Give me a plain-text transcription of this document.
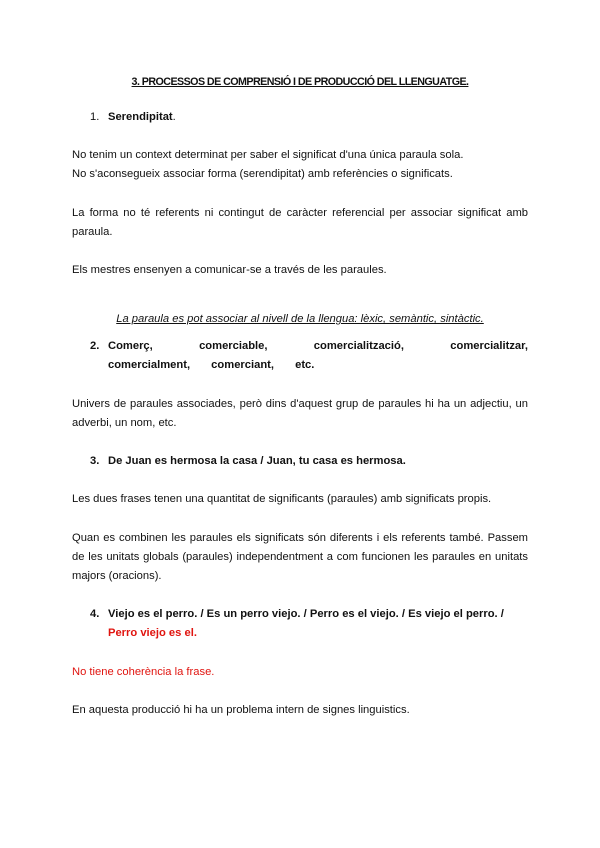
3. PROCESSOS DE COMPRENSIÓ I DE PRODUCCIÓ DEL LLENGUATGE.
1. Serendipitat.

No tenim un context determinat per saber el significat d'una única paraula sola.

No s'aconsegueix associar forma (serendipitat) amb referències o significats.

La forma no té referents ni contingut de caràcter referencial per associar significat amb paraula.

Els mestres ensenyen a comunicar-se a través de les paraules.

La paraula es pot associar al nivell de la llengua: lèxic, semàntic, sintàctic.

2. Comerç, comerciable, comercialització, comercialitzar, comercialment, comerciant, etc.

Univers de paraules associades, però dins d'aquest grup de paraules hi ha un adjectiu, un adverbi, un nom, etc.

3. De Juan es hermosa la casa / Juan, tu casa es hermosa.

Les dues frases tenen una quantitat de significants (paraules) amb significats propis.

Quan es combinen les paraules els significats són diferents i els referents també. Passem de les unitats globals (paraules) independentment a com funcionen les paraules en unitats majors (oracions).

4. Viejo es el perro. / Es un perro viejo. / Perro es el viejo. / Es viejo el perro. /
Perro viejo es el.

No tiene coherència la frase.

En aquesta producció hi ha un problema intern de signes linguistics.
